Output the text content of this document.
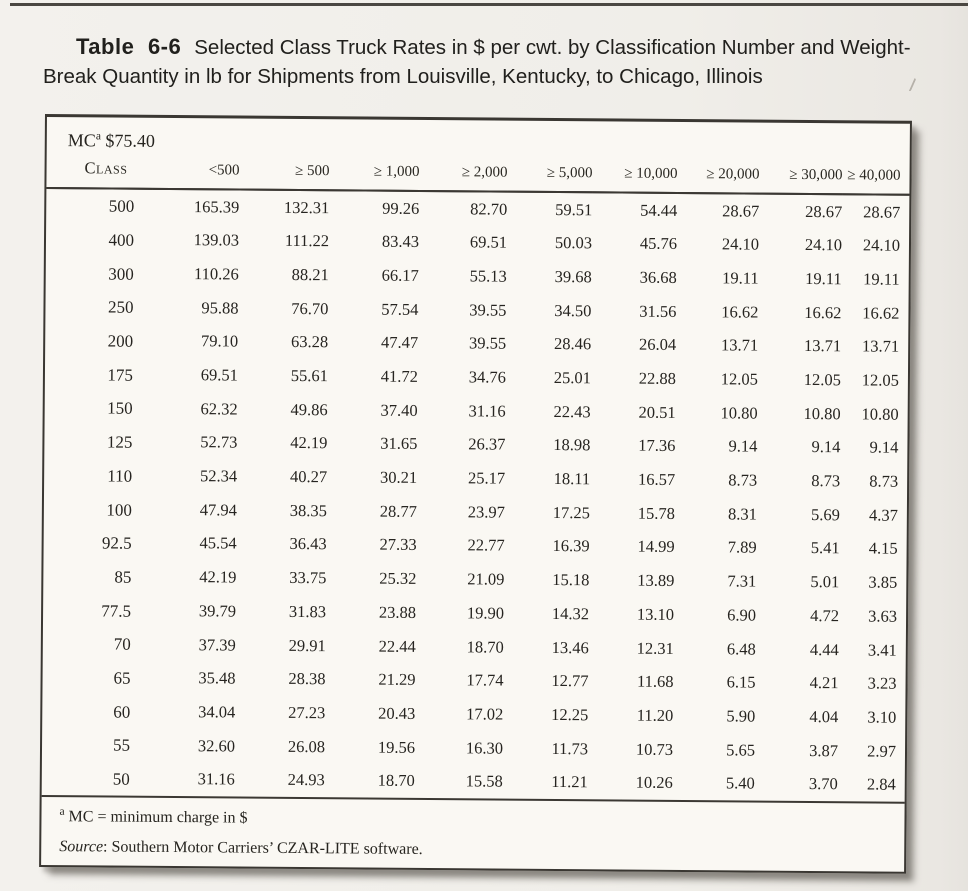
Table 6-6 Selected Class Truck Rates in $ per cwt. by Classification Number and Weight-Break Quantity in lb for Shipments from Louisville, Kentucky, to Chicago, Illinois
$MC^a$ $75.40
Class	<500	≥ 500	≥ 1,000	≥ 2,000	≥ 5,000	≥ 10,000	≥ 20,000	≥ 30,000	≥ 40,000
500	165.39	132.31	99.26	82.70	59.51	54.44	28.67	28.67	28.67
400	139.03	111.22	83.43	69.51	50.03	45.76	24.10	24.10	24.10
300	110.26	88.21	66.17	55.13	39.68	36.68	19.11	19.11	19.11
250	95.88	76.70	57.54	39.55	34.50	31.56	16.62	16.62	16.62
200	79.10	63.28	47.47	39.55	28.46	26.04	13.71	13.71	13.71
175	69.51	55.61	41.72	34.76	25.01	22.88	12.05	12.05	12.05
150	62.32	49.86	37.40	31.16	22.43	20.51	10.80	10.80	10.80
125	52.73	42.19	31.65	26.37	18.98	17.36	9.14	9.14	9.14
110	52.34	40.27	30.21	25.17	18.11	16.57	8.73	8.73	8.73
100	47.94	38.35	28.77	23.97	17.25	15.78	8.31	5.69	4.37
92.5	45.54	36.43	27.33	22.77	16.39	14.99	7.89	5.41	4.15
85	42.19	33.75	25.32	21.09	15.18	13.89	7.31	5.01	3.85
77.5	39.79	31.83	23.88	19.90	14.32	13.10	6.90	4.72	3.63
70	37.39	29.91	22.44	18.70	13.46	12.31	6.48	4.44	3.41
65	35.48	28.38	21.29	17.74	12.77	11.68	6.15	4.21	3.23
60	34.04	27.23	20.43	17.02	12.25	11.20	5.90	4.04	3.10
55	32.60	26.08	19.56	16.30	11.73	10.73	5.65	3.87	2.97
50	31.16	24.93	18.70	15.58	11.21	10.26	5.40	3.70	2.84
$^a$ MC = minimum charge in $
Source: Southern Motor Carriers’ CZAR-LITE software.
